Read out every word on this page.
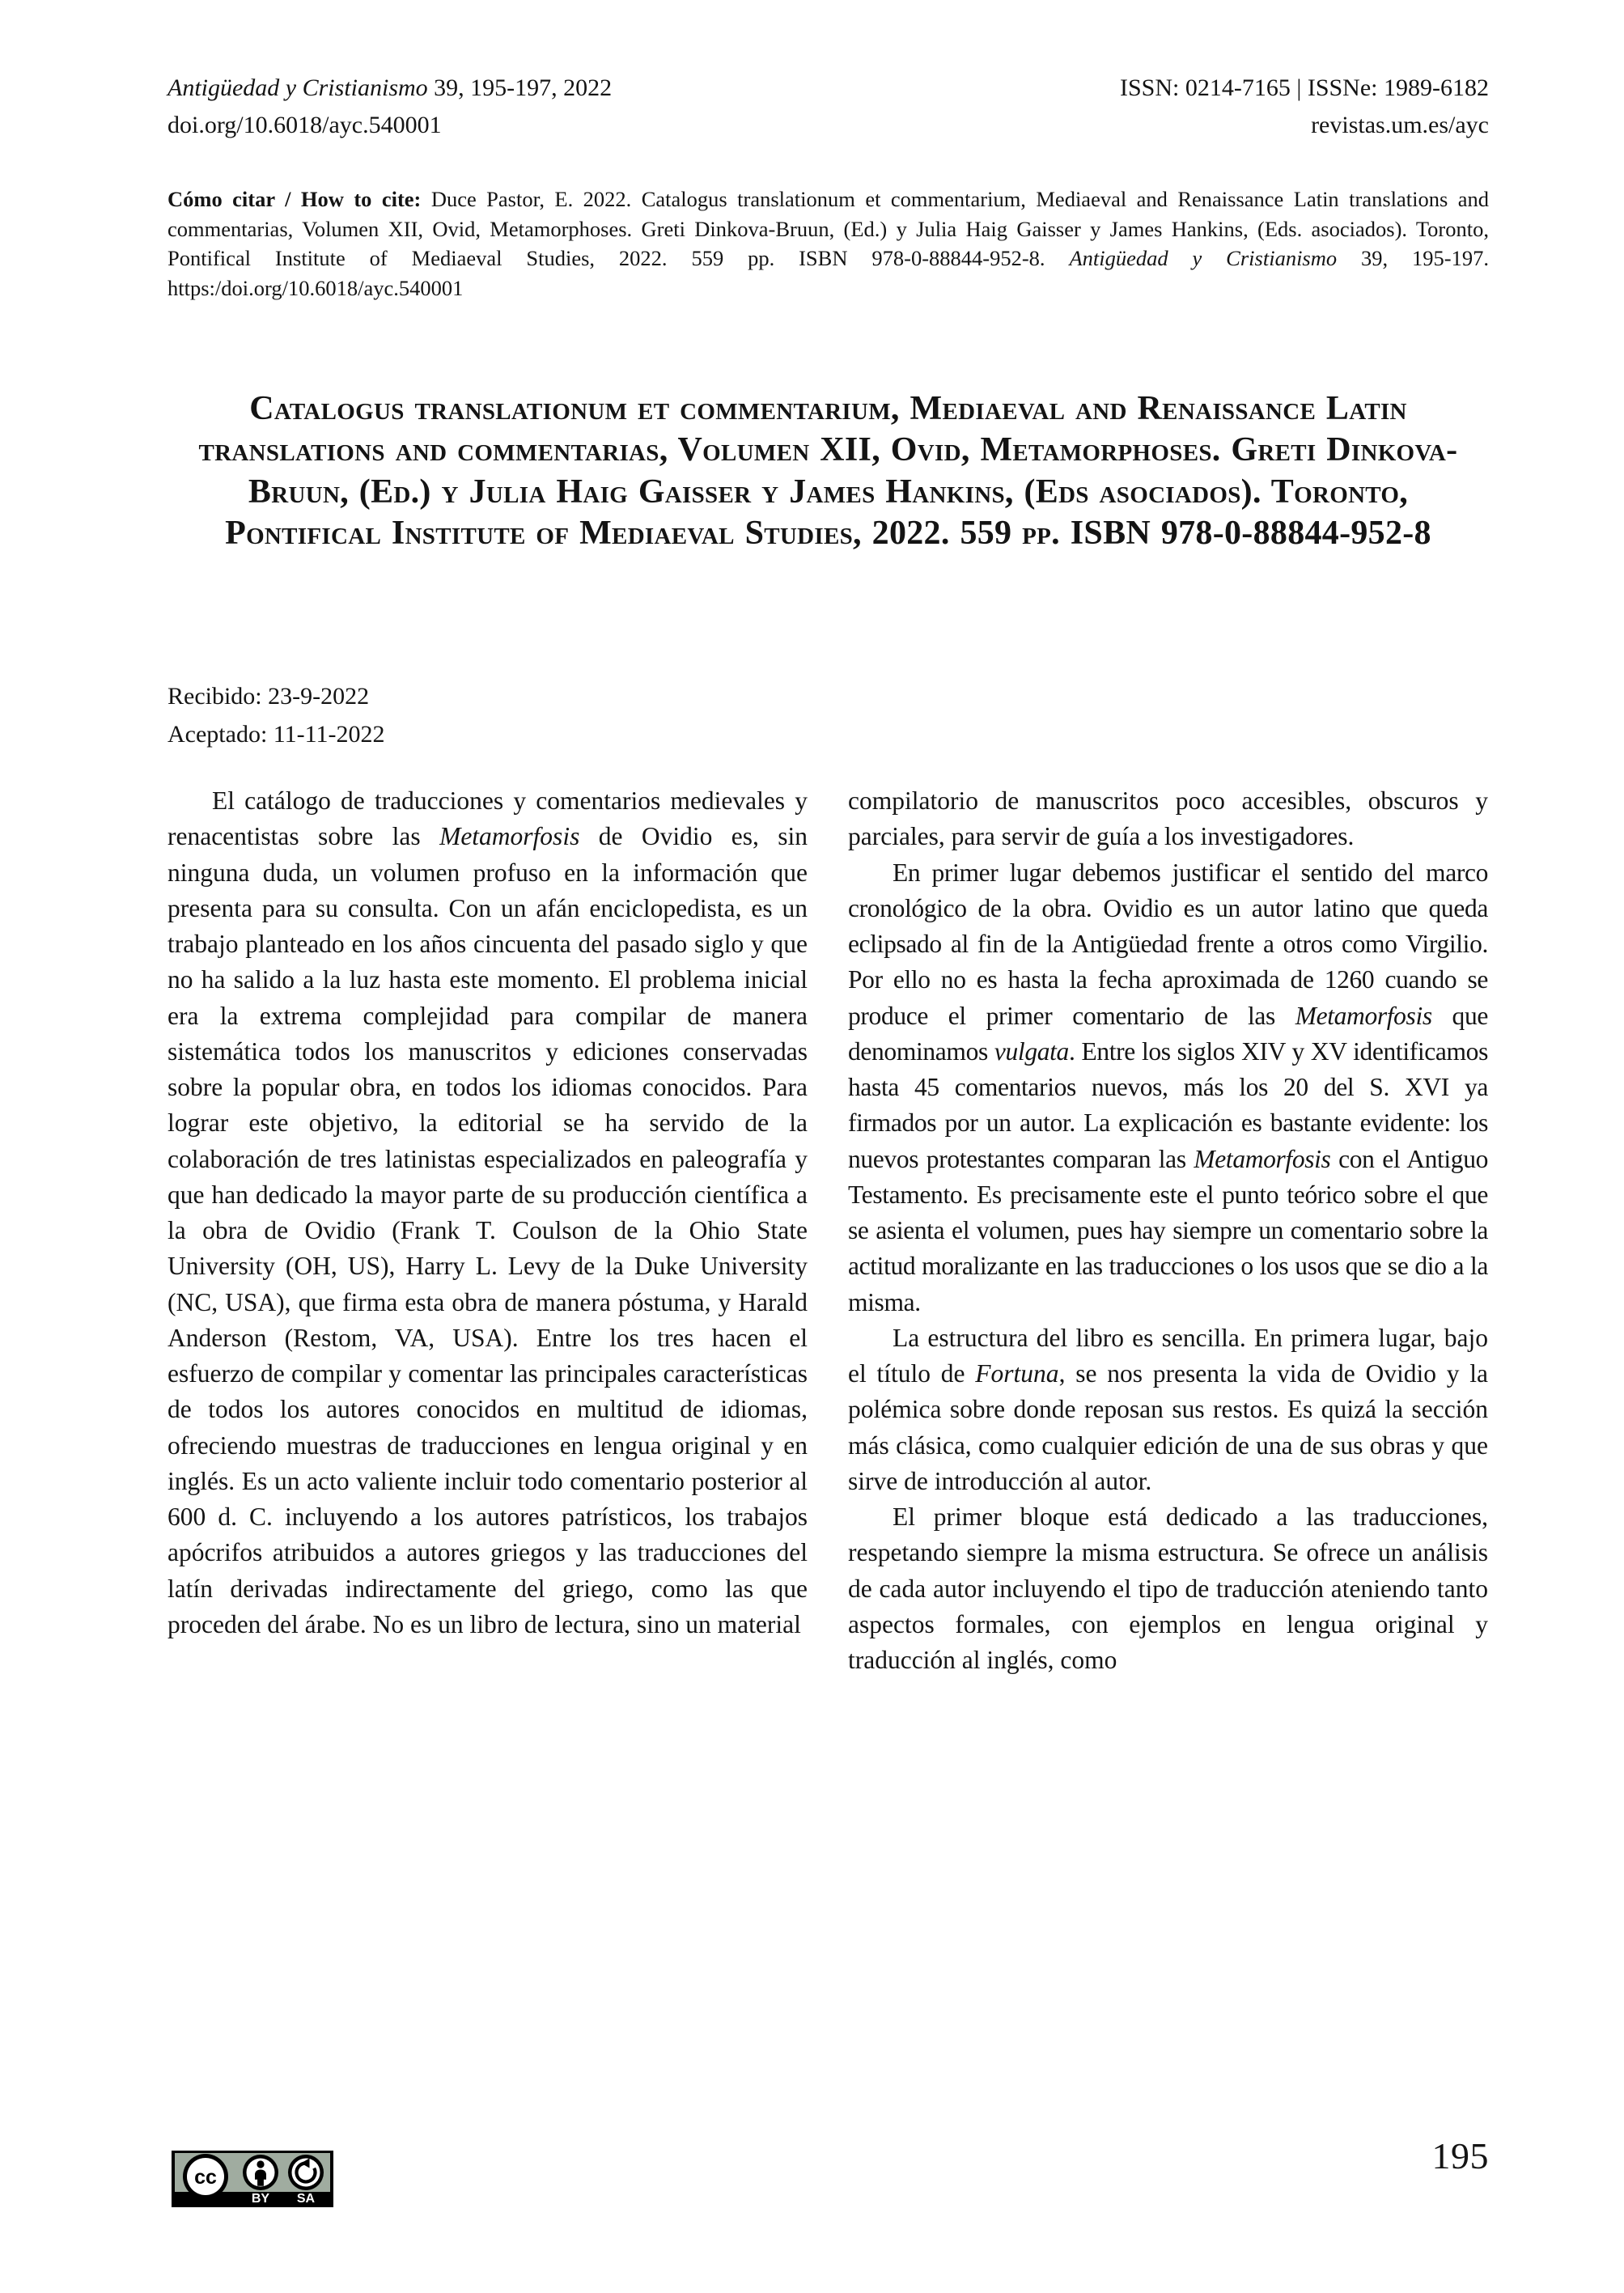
Antigüedad y Cristianismo 39, 195-197, 2022	ISSN: 0214-7165 | ISSNe: 1989-6182
doi.org/10.6018/ayc.540001	revistas.um.es/ayc
Cómo citar / How to cite: Duce Pastor, E. 2022. Catalogus translationum et commentarium, Mediaeval and Renaissance Latin translations and commentarias, Volumen XII, Ovid, Metamorphoses. Greti Dinkova-Bruun, (Ed.) y Julia Haig Gaisser y James Hankins, (Eds. asociados). Toronto, Pontifical Institute of Mediaeval Studies, 2022. 559 pp. ISBN 978-0-88844-952-8. Antigüedad y Cristianismo 39, 195-197. https:/doi.org/10.6018/ayc.540001
Catalogus translationum et commentarium, Mediaeval and Renaissance Latin translations and commentarias, Volumen XII, Ovid, Metamorphoses. Greti Dinkova-Bruun, (Ed.) y Julia Haig Gaisser y James Hankins, (Eds asociados). Toronto, Pontifical Institute of Mediaeval Studies, 2022. 559 pp. ISBN 978-0-88844-952-8
Recibido: 23-9-2022
Aceptado: 11-11-2022

El catálogo de traducciones y comentarios medievales y renacentistas sobre las Metamorfosis de Ovidio es, sin ninguna duda, un volumen profuso en la información que presenta para su consulta. Con un afán enciclopedista, es un trabajo planteado en los años cincuenta del pasado siglo y que no ha salido a la luz hasta este momento. El problema inicial era la extrema complejidad para compilar de manera sistemática todos los manuscritos y ediciones conservadas sobre la popular obra, en todos los idiomas conocidos. Para lograr este objetivo, la editorial se ha servido de la colaboración de tres latinistas especializados en paleografía y que han dedicado la mayor parte de su producción científica a la obra de Ovidio (Frank T. Coulson de la Ohio State University (OH, US), Harry L. Levy de la Duke University (NC, USA), que firma esta obra de manera póstuma, y Harald Anderson (Restom, VA, USA). Entre los tres hacen el esfuerzo de compilar y comentar las principales características de todos los autores conocidos en multitud de idiomas, ofreciendo muestras de traducciones en lengua original y en inglés. Es un acto valiente incluir todo comentario posterior al 600 d. C. incluyendo a los autores patrísticos, los trabajos apócrifos atribuidos a autores griegos y las traducciones del latín derivadas indirectamente del griego, como las que proceden del árabe. No es un libro de lectura, sino un material

compilatorio de manuscritos poco accesibles, obscuros y parciales, para servir de guía a los investigadores.

En primer lugar debemos justificar el sentido del marco cronológico de la obra. Ovidio es un autor latino que queda eclipsado al fin de la Antigüedad frente a otros como Virgilio. Por ello no es hasta la fecha aproximada de 1260 cuando se produce el primer comentario de las Metamorfosis que denominamos vulgata. Entre los siglos XIV y XV identificamos hasta 45 comentarios nuevos, más los 20 del S. XVI ya firmados por un autor. La explicación es bastante evidente: los nuevos protestantes comparan las Metamorfosis con el Antiguo Testamento. Es precisamente este el punto teórico sobre el que se asienta el volumen, pues hay siempre un comentario sobre la actitud moralizante en las traducciones o los usos que se dio a la misma.

La estructura del libro es sencilla. En primera lugar, bajo el título de Fortuna, se nos presenta la vida de Ovidio y la polémica sobre donde reposan sus restos. Es quizá la sección más clásica, como cualquier edición de una de sus obras y que sirve de introducción al autor.

El primer bloque está dedicado a las traducciones, respetando siempre la misma estructura. Se ofrece un análisis de cada autor incluyendo el tipo de traducción ateniendo tanto aspectos formales, con ejemplos en lengua original y traducción al inglés, como

cc
BY SA
195
